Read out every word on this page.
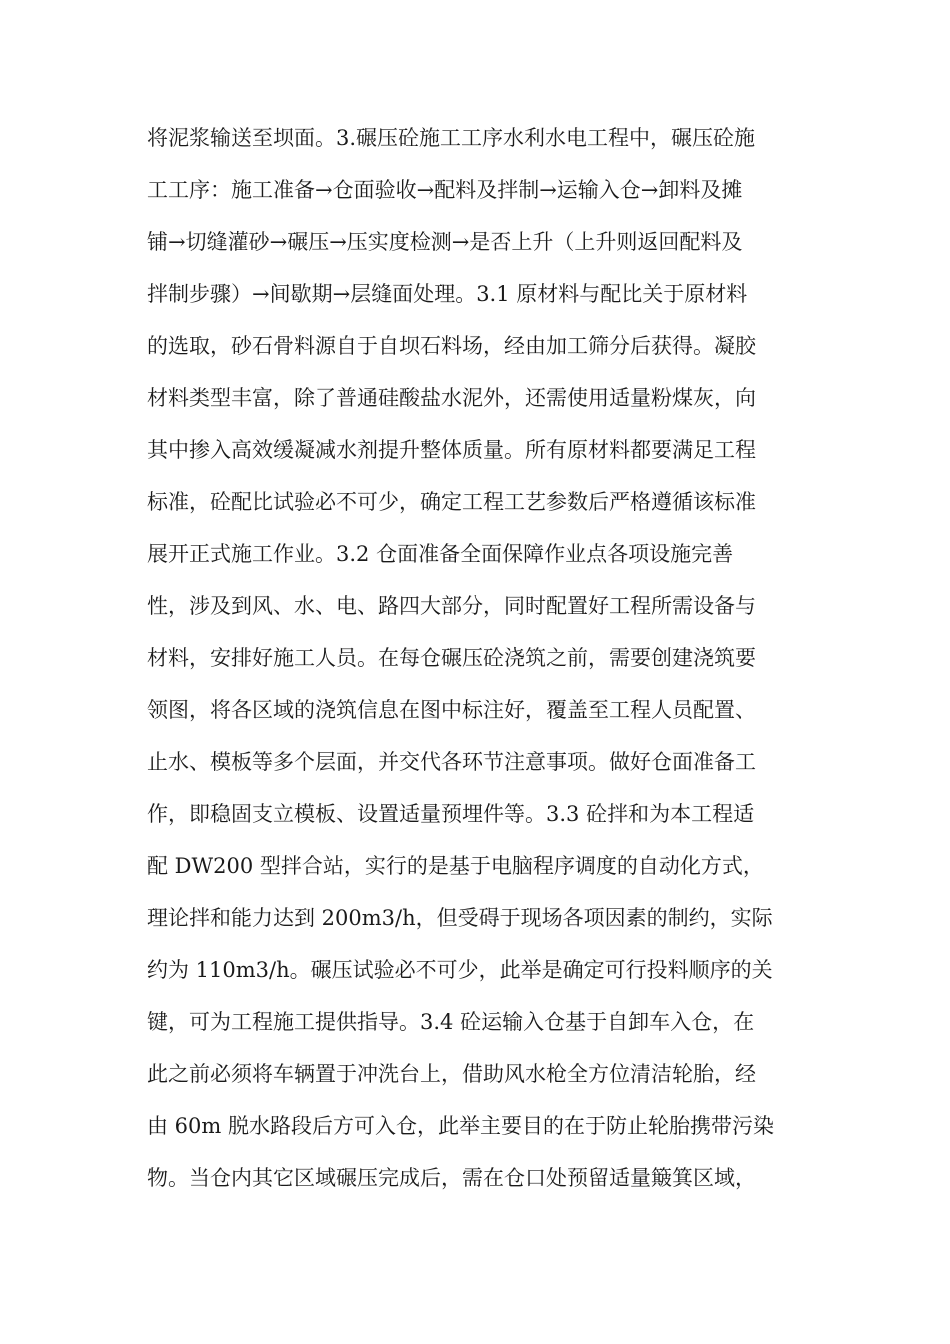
将泥浆输送至坝面。3.碾压砼施工工序水利水电工程中，碾压砼施
工工序：施工准备→仓面验收→配料及拌制→运输入仓→卸料及摊
铺→切缝灌砂→碾压→压实度检测→是否上升（上升则返回配料及
拌制步骤）→间歇期→层缝面处理。3.1 原材料与配比关于原材料
的选取，砂石骨料源自于自坝石料场，经由加工筛分后获得。凝胶
材料类型丰富，除了普通硅酸盐水泥外，还需使用适量粉煤灰，向
其中掺入高效缓凝减水剂提升整体质量。所有原材料都要满足工程
标准，砼配比试验必不可少，确定工程工艺参数后严格遵循该标准
展开正式施工作业。3.2 仓面准备全面保障作业点各项设施完善
性，涉及到风、水、电、路四大部分，同时配置好工程所需设备与
材料，安排好施工人员。在每仓碾压砼浇筑之前，需要创建浇筑要
领图，将各区域的浇筑信息在图中标注好，覆盖至工程人员配置、
止水、模板等多个层面，并交代各环节注意事项。做好仓面准备工
作，即稳固支立模板、设置适量预埋件等。3.3 砼拌和为本工程适
配 DW200 型拌合站，实行的是基于电脑程序调度的自动化方式，
理论拌和能力达到 200m3/h，但受碍于现场各项因素的制约，实际
约为 110m3/h。碾压试验必不可少，此举是确定可行投料顺序的关
键，可为工程施工提供指导。3.4 砼运输入仓基于自卸车入仓，在
此之前必须将车辆置于冲洗台上，借助风水枪全方位清洁轮胎，经
由 60m 脱水路段后方可入仓，此举主要目的在于防止轮胎携带污染
物。当仓内其它区域碾压完成后，需在仓口处预留适量簸箕区域，
